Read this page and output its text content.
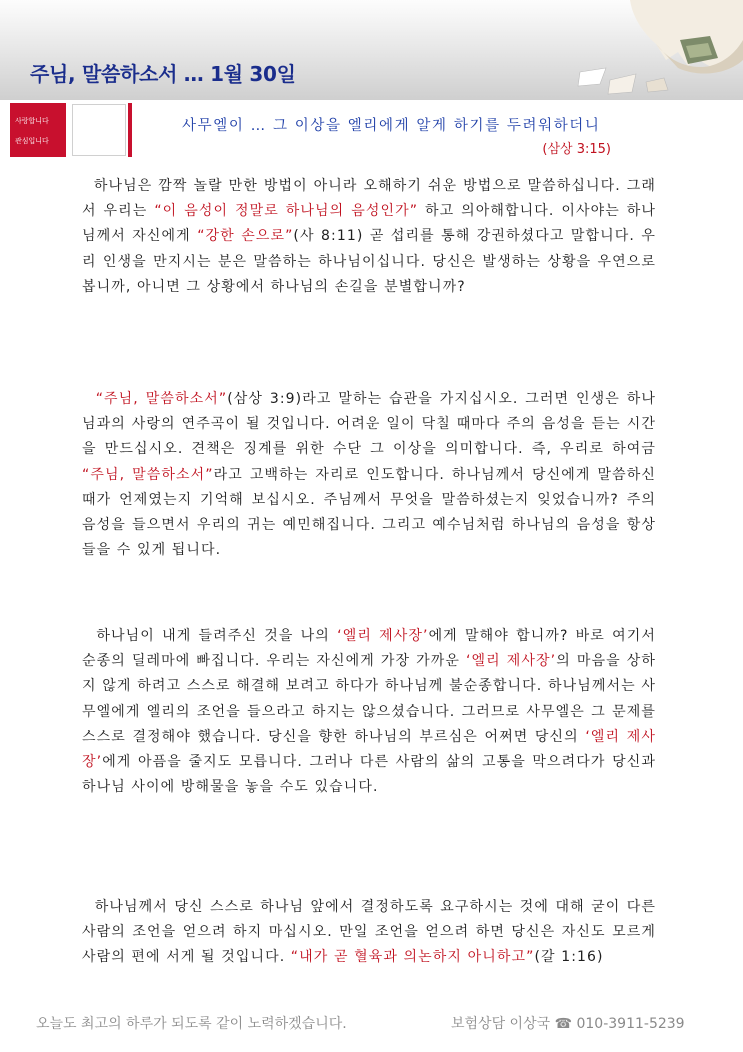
주님, 말씀하소서 … 1월 30일
사랑합니다
관심입니다
사무엘이 … 그 이상을 엘리에게 알게 하기를 두려워하더니
(삼상 3:15)
하나님은 깜짝 놀랄 만한 방법이 아니라 오해하기 쉬운 방법으로 말씀하십니다. 그래서 우리는 “이 음성이 정말로 하나님의 음성인가” 하고 의아해합니다. 이사야는 하나님께서 자신에게 “강한 손으로”(사 8:11) 곧 섭리를 통해 강권하셨다고 말합니다. 우리 인생을 만지시는 분은 말씀하는 하나님이십니다. 당신은 발생하는 상황을 우연으로 봅니까, 아니면 그 상황에서 하나님의 손길을 분별합니까?
“주님, 말씀하소서”(삼상 3:9)라고 말하는 습관을 가지십시오. 그러면 인생은 하나님과의 사랑의 연주곡이 될 것입니다. 어려운 일이 닥칠 때마다 주의 음성을 듣는 시간을 만드십시오. 견책은 징계를 위한 수단 그 이상을 의미합니다. 즉, 우리로 하여금 “주님, 말씀하소서”라고 고백하는 자리로 인도합니다. 하나님께서 당신에게 말씀하신 때가 언제였는지 기억해 보십시오. 주님께서 무엇을 말씀하셨는지 잊었습니까? 주의 음성을 들으면서 우리의 귀는 예민해집니다. 그리고 예수님처럼 하나님의 음성을 항상 들을 수 있게 됩니다.
하나님이 내게 들려주신 것을 나의 ‘엘리 제사장’에게 말해야 합니까? 바로 여기서 순종의 딜레마에 빠집니다. 우리는 자신에게 가장 가까운 ‘엘리 제사장’의 마음을 상하지 않게 하려고 스스로 해결해 보려고 하다가 하나님께 불순종합니다. 하나님께서는 사무엘에게 엘리의 조언을 들으라고 하지는 않으셨습니다. 그러므로 사무엘은 그 문제를 스스로 결정해야 했습니다. 당신을 향한 하나님의 부르심은 어쩌면 당신의 ‘엘리 제사장’에게 아픔을 줄지도 모릅니다. 그러나 다른 사람의 삶의 고통을 막으려다가 당신과 하나님 사이에 방해물을 놓을 수도 있습니다.
하나님께서 당신 스스로 하나님 앞에서 결정하도록 요구하시는 것에 대해 굳이 다른 사람의 조언을 얻으려 하지 마십시오. 만일 조언을 얻으려 하면 당신은 자신도 모르게 사람의 편에 서게 될 것입니다. “내가 곧 혈육과 의논하지 아니하고”(갈 1:16)
오늘도 최고의 하루가 되도록 같이 노력하겠습니다.	보험상담 이상국 ☎ 010-3911-5239
